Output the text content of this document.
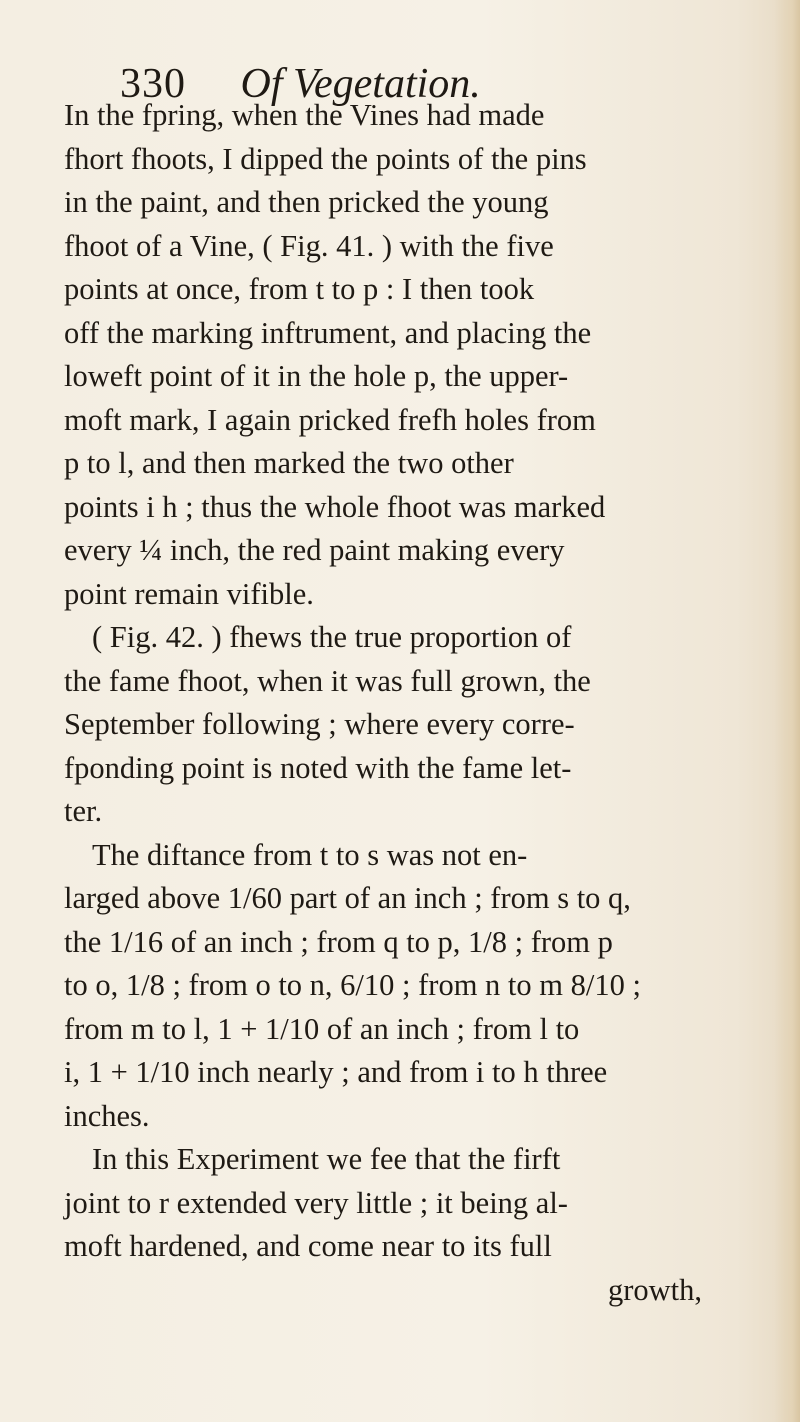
330 Of Vegetation.
In the fpring, when the Vines had made
fhort fhoots, I dipped the points of the pins
in the paint, and then pricked the young
fhoot of a Vine, ( Fig. 41. ) with the five
points at once, from t to p : I then took
off the marking inftrument, and placing the
loweft point of it in the hole p, the upper-
moft mark, I again pricked frefh holes from
p to l, and then marked the two other
points i h ; thus the whole fhoot was marked
every ¼ inch, the red paint making every
point remain vifible.
( Fig. 42. ) fhews the true proportion of
the fame fhoot, when it was full grown, the
September following ; where every corre-
fponding point is noted with the fame let-
ter.
The diftance from t to s was not en-
larged above 1/60 part of an inch ; from s to q,
the 1/16 of an inch ; from q to p, 1/8 ; from p
to o, 1/8 ; from o to n, 6/10 ; from n to m 8/10 ;
from m to l, 1 + 1/10 of an inch ; from l to
i, 1 + 1/10 inch nearly ; and from i to h three
inches.
In this Experiment we fee that the firft
joint to r extended very little ; it being al-
moft hardened, and come near to its full
growth,
